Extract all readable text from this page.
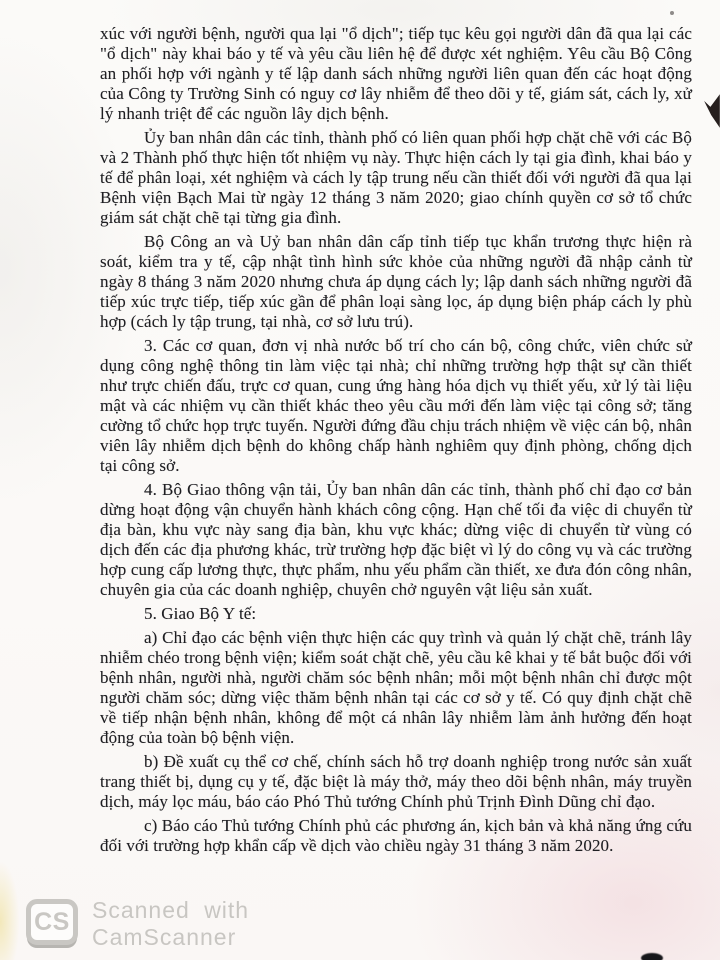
xúc với người bệnh, người qua lại "ổ dịch"; tiếp tục kêu gọi người dân đã qua lại các "ổ dịch" này khai báo y tế và yêu cầu liên hệ để được xét nghiệm. Yêu cầu Bộ Công an phối hợp với ngành y tế lập danh sách những người liên quan đến các hoạt động của Công ty Trường Sinh có nguy cơ lây nhiễm để theo dõi y tế, giám sát, cách ly, xử lý nhanh triệt để các nguồn lây dịch bệnh.

Ủy ban nhân dân các tỉnh, thành phố có liên quan phối hợp chặt chẽ với các Bộ và 2 Thành phố thực hiện tốt nhiệm vụ này. Thực hiện cách ly tại gia đình, khai báo y tế để phân loại, xét nghiệm và cách ly tập trung nếu cần thiết đối với người đã qua lại Bệnh viện Bạch Mai từ ngày 12 tháng 3 năm 2020; giao chính quyền cơ sở tổ chức giám sát chặt chẽ tại từng gia đình.

Bộ Công an và Uỷ ban nhân dân cấp tỉnh tiếp tục khẩn trương thực hiện rà soát, kiểm tra y tế, cập nhật tình hình sức khỏe của những người đã nhập cảnh từ ngày 8 tháng 3 năm 2020 nhưng chưa áp dụng cách ly; lập danh sách những người đã tiếp xúc trực tiếp, tiếp xúc gần để phân loại sàng lọc, áp dụng biện pháp cách ly phù hợp (cách ly tập trung, tại nhà, cơ sở lưu trú).

3. Các cơ quan, đơn vị nhà nước bố trí cho cán bộ, công chức, viên chức sử dụng công nghệ thông tin làm việc tại nhà; chỉ những trường hợp thật sự cần thiết như trực chiến đấu, trực cơ quan, cung ứng hàng hóa dịch vụ thiết yếu, xử lý tài liệu mật và các nhiệm vụ cần thiết khác theo yêu cầu mới đến làm việc tại công sở; tăng cường tổ chức họp trực tuyến. Người đứng đầu chịu trách nhiệm về việc cán bộ, nhân viên lây nhiễm dịch bệnh do không chấp hành nghiêm quy định phòng, chống dịch tại công sở.

4. Bộ Giao thông vận tải, Ủy ban nhân dân các tỉnh, thành phố chỉ đạo cơ bản dừng hoạt động vận chuyển hành khách công cộng. Hạn chế tối đa việc di chuyển từ địa bàn, khu vực này sang địa bàn, khu vực khác; dừng việc di chuyển từ vùng có dịch đến các địa phương khác, trừ trường hợp đặc biệt vì lý do công vụ và các trường hợp cung cấp lương thực, thực phẩm, nhu yếu phẩm cần thiết, xe đưa đón công nhân, chuyên gia của các doanh nghiệp, chuyên chở nguyên vật liệu sản xuất.

5. Giao Bộ Y tế:

a) Chỉ đạo các bệnh viện thực hiện các quy trình và quản lý chặt chẽ, tránh lây nhiễm chéo trong bệnh viện; kiểm soát chặt chẽ, yêu cầu kê khai y tế bắt buộc đối với bệnh nhân, người nhà, người chăm sóc bệnh nhân; mỗi một bệnh nhân chỉ được một người chăm sóc; dừng việc thăm bệnh nhân tại các cơ sở y tế. Có quy định chặt chẽ về tiếp nhận bệnh nhân, không để một cá nhân lây nhiễm làm ảnh hưởng đến hoạt động của toàn bộ bệnh viện.

b) Đề xuất cụ thể cơ chế, chính sách hỗ trợ doanh nghiệp trong nước sản xuất trang thiết bị, dụng cụ y tế, đặc biệt là máy thở, máy theo dõi bệnh nhân, máy truyền dịch, máy lọc máu, báo cáo Phó Thủ tướng Chính phủ Trịnh Đình Dũng chỉ đạo.

c) Báo cáo Thủ tướng Chính phủ các phương án, kịch bản và khả năng ứng cứu đối với trường hợp khẩn cấp về dịch vào chiều ngày 31 tháng 3 năm 2020.

CS Scanned with
CamScanner
